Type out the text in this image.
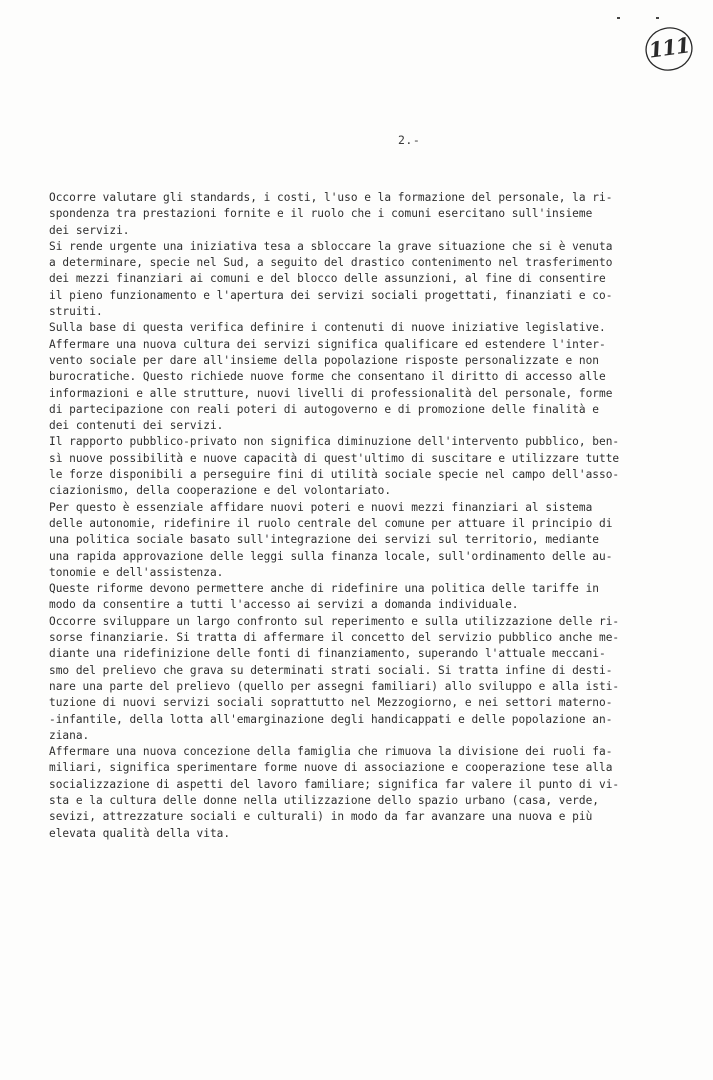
111
2.-
Occorre valutare gli standards, i costi, l'uso e la formazione del personale, la ri-
spondenza tra prestazioni fornite e il ruolo che i comuni esercitano sull'insieme
dei servizi.
Si rende urgente una iniziativa tesa a sbloccare la grave situazione che si è venuta
a determinare, specie nel Sud, a seguito del drastico contenimento nel trasferimento
dei mezzi finanziari ai comuni e del blocco delle assunzioni, al fine di consentire
il pieno funzionamento e l'apertura dei servizi sociali progettati, finanziati e co-
struiti.
Sulla base di questa verifica definire i contenuti di nuove iniziative legislative.
Affermare una nuova cultura dei servizi significa qualificare ed estendere l'inter-
vento sociale per dare all'insieme della popolazione risposte personalizzate e non
burocratiche. Questo richiede nuove forme che consentano il diritto di accesso alle
informazioni e alle strutture, nuovi livelli di professionalità del personale, forme
di partecipazione con reali poteri di autogoverno e di promozione delle finalità e
dei contenuti dei servizi.
Il rapporto pubblico-privato non significa diminuzione dell'intervento pubblico, ben-
sì nuove possibilità e nuove capacità di quest'ultimo di suscitare e utilizzare tutte
le forze disponibili a perseguire fini di utilità sociale specie nel campo dell'asso-
ciazionismo, della cooperazione e del volontariato.
Per questo è essenziale affidare nuovi poteri e nuovi mezzi finanziari al sistema
delle autonomie, ridefinire il ruolo centrale del comune per attuare il principio di
una politica sociale basato sull'integrazione dei servizi sul territorio, mediante
una rapida approvazione delle leggi sulla finanza locale, sull'ordinamento delle au-
tonomie e dell'assistenza.
Queste riforme devono permettere anche di ridefinire una politica delle tariffe in
modo da consentire a tutti l'accesso ai servizi a domanda individuale.
Occorre sviluppare un largo confronto sul reperimento e sulla utilizzazione delle ri-
sorse finanziarie. Si tratta di affermare il concetto del servizio pubblico anche me-
diante una ridefinizione delle fonti di finanziamento, superando l'attuale meccani-
smo del prelievo che grava su determinati strati sociali. Si tratta infine di desti-
nare una parte del prelievo (quello per assegni familiari) allo sviluppo e alla isti-
tuzione di nuovi servizi sociali soprattutto nel Mezzogiorno, e nei settori materno-
-infantile, della lotta all'emarginazione degli handicappati e delle popolazione an-
ziana.
Affermare una nuova concezione della famiglia che rimuova la divisione dei ruoli fa-
miliari, significa sperimentare forme nuove di associazione e cooperazione tese alla
socializzazione di aspetti del lavoro familiare; significa far valere il punto di vi-
sta e la cultura delle donne nella utilizzazione dello spazio urbano (casa, verde,
sevizi, attrezzature sociali e culturali) in modo da far avanzare una nuova e più
elevata qualità della vita.
